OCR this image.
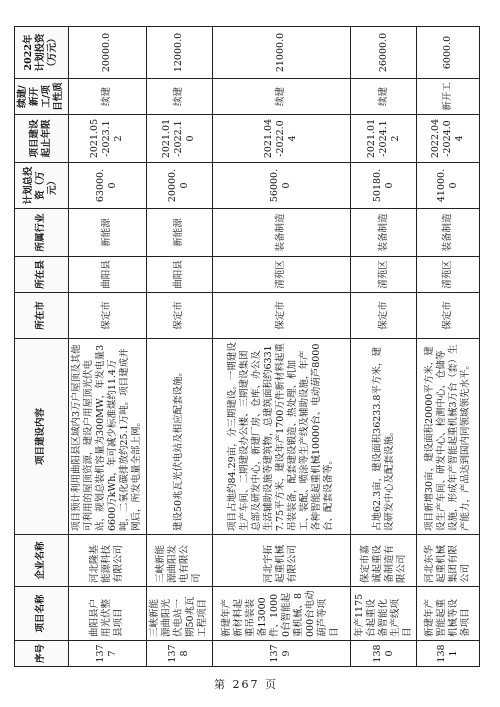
序号	项目名称	企业名称	项目建设内容	所在市	所在县	所属行业	计划总投资（万元）	项目建设起止年限	续建/新开工/项目性质	2022年计划投资（万元）
1377	曲阳县户用光伏整县项目	河北隆基能源科技有限公司	项目预计利用曲阳县区域内3万户屋顶及其他可利用的屋顶资源，建设户用屋顶光伏电站，规划总装机容量为300MW，年发电量36600万kWh，年可减少标准煤约11.4万吨，二氧化碳排放约25.1万吨。项目建成并网后，所发电量全部上网。	保定市	曲阳县	新能源	63000.0	2021.05-2023.12	续建	20000.0
1378	三峡新能源曲阳光伏电站一期50兆瓦工程项目	三峡新能源曲阳发电有限公司	建设50兆瓦光伏电站及相应配套设施。	保定市	曲阳县	新能源	20000.0	2021.01-2022.10	续建	12000.0
1379	新建年产新材料起重吊装装备13000件、10000台智能起重机械、8000台电动葫芦等项目	河北宇拓起重机械有限公司	项目占地约84.29亩，分三期建设。一期建设生产车间、二期建设办公楼、三期建设集团总部及研发中心，新建厂房、仓库、办公及生活辅助设施等建筑物，总建筑面积约63317.75平方米，建设年产1700万件新材料起重吊装装备，配套建设锻造、热处理、机加工、装配、喷涂等生产线及辅助设施，年产各种智能起重机械10000台、电动葫芦8000台、配套设备等。	保定市	清苑区	装备制造	56000.0	2021.04-2022.04	续建	21000.0
1380	年产1175台起重设备智能化生产线项目	保定市嘉诚起重设备制造有限公司	占地62.3亩，建设面积36233.8平方米，建设研发中心及配套设施。	保定市	清苑区	装备制造	50180.0	2021.01-2024.12	续建	26000.0
1381	新建年产智能起重机械等设备项目	河北东华起重机械集团有限公司	项目新增30亩，建设面积20000平方米，建设生产车间、研发中心、检测中心、仓储等设施，形成年产智能起重机械3万台（套）生产能力，产品达到国内同领域领先水平。	保定市	清苑区	装备制造	41000.0	2022.04-2024.04	新开工	6000.0
第 267 页
